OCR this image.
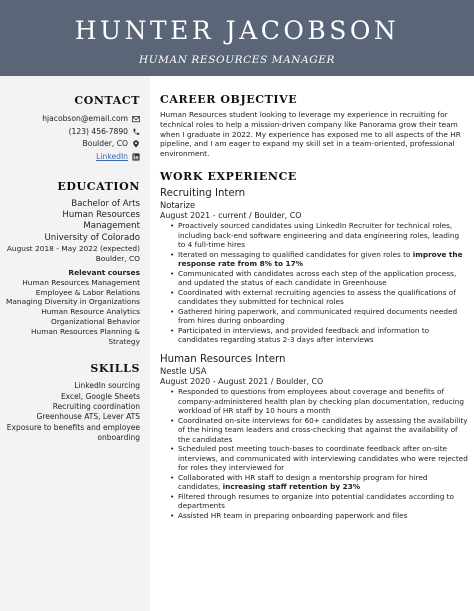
HUNTER JACOBSON
HUMAN RESOURCES MANAGER
CONTACT
hjacobson@email.com
(123) 456-7890
Boulder, CO
LinkedIn
EDUCATION
Bachelor of Arts
Human Resources Management
University of Colorado
August 2018 - May 2022 (expected)
Boulder, CO
Relevant courses
Human Resources Management
Employee & Labor Relations
Managing Diversity in Organizations
Human Resource Analytics
Organizational Behavior
Human Resources Planning & Strategy
SKILLS
LinkedIn sourcing
Excel, Google Sheets
Recruiting coordination
Greenhouse ATS, Lever ATS
Exposure to benefits and employee onboarding
CAREER OBJECTIVE

Human Resources student looking to leverage my experience in recruiting for technical roles to help a mission-driven company like Panorama grow their team when I graduate in 2022. My experience has exposed me to all aspects of the HR pipeline, and I am eager to expand my skill set in a team-oriented, professional environment.

WORK EXPERIENCE
Recruiting Intern
Notarize
August 2021 - current / Boulder, CO
• Proactively sourced candidates using LinkedIn Recruiter for technical roles, including back-end software engineering and data engineering roles, leading to 4 full-time hires
• Iterated on messaging to qualified candidates for given roles to improve the response rate from 8% to 17%
• Communicated with candidates across each step of the application process, and updated the status of each candidate in Greenhouse
• Coordinated with external recruiting agencies to assess the qualifications of candidates they submitted for technical roles
• Gathered hiring paperwork, and communicated required documents needed from hires during onboarding
• Participated in interviews, and provided feedback and information to candidates regarding status 2-3 days after interviews
Human Resources Intern
Nestle USA
August 2020 - August 2021 / Boulder, CO
• Responded to questions from employees about coverage and benefits of company-administered health plan by checking plan documentation, reducing workload of HR staff by 10 hours a month
• Coordinated on-site interviews for 60+ candidates by assessing the availability of the hiring team leaders and cross-checking that against the availability of the candidates
• Scheduled post meeting touch-bases to coordinate feedback after on-site interviews, and communicated with interviewing candidates who were rejected for roles they interviewed for
• Collaborated with HR staff to design a mentorship program for hired candidates, increasing staff retention by 23%
• Filtered through resumes to organize into potential candidates according to departments
• Assisted HR team in preparing onboarding paperwork and files
